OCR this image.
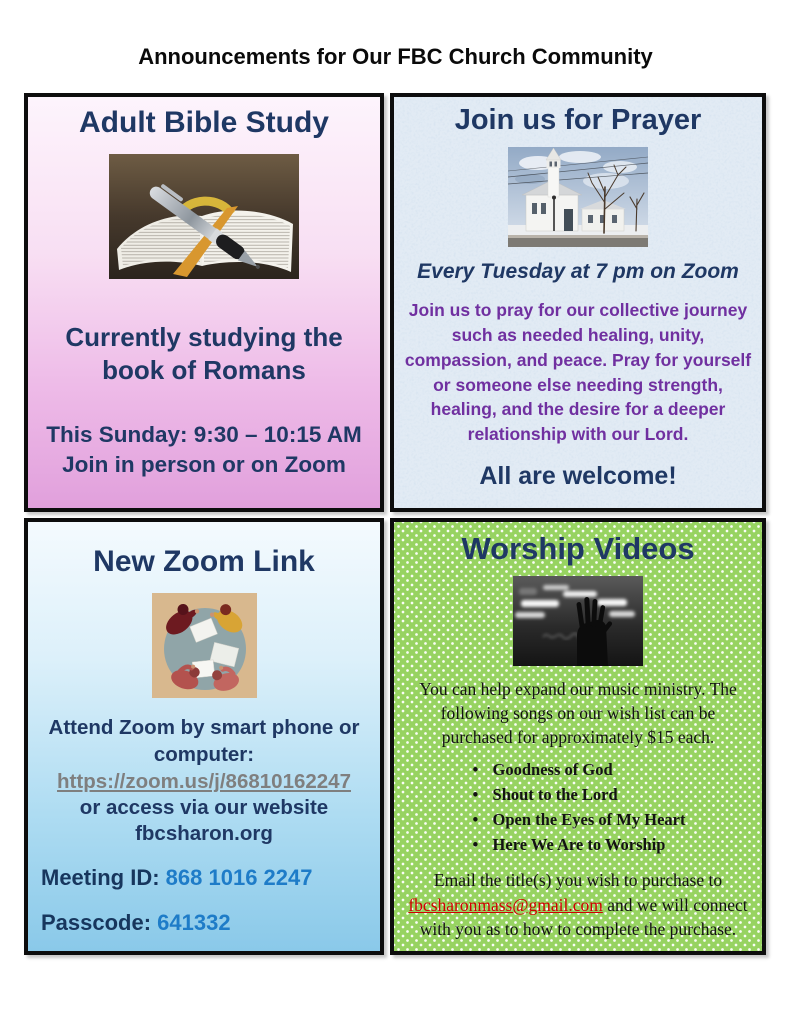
Announcements for Our FBC Church Community
Adult Bible Study

Currently studying the book of Romans

This Sunday: 9:30 – 10:15 AM

Join in person or on Zoom

Join us for Prayer

Every Tuesday at 7 pm on Zoom

Join us to pray for our collective journey such as needed healing, unity, compassion, and peace. Pray for yourself or someone else needing strength, healing, and the desire for a deeper relationship with our Lord.

All are welcome!

New Zoom Link

Attend Zoom by smart phone or computer:

https://zoom.us/j/86810162247

or access via our website

fbcsharon.org

Meeting ID: 868 1016 2247

Passcode: 641332

Worship Videos

You can help expand our music ministry. The following songs on our wish list can be purchased for approximately $15 each.

• Goodness of God
• Shout to the Lord
• Open the Eyes of My Heart
• Here We Are to Worship

Email the title(s) you wish to purchase to fbcsharonmass@gmail.com and we will connect with you as to how to complete the purchase.
